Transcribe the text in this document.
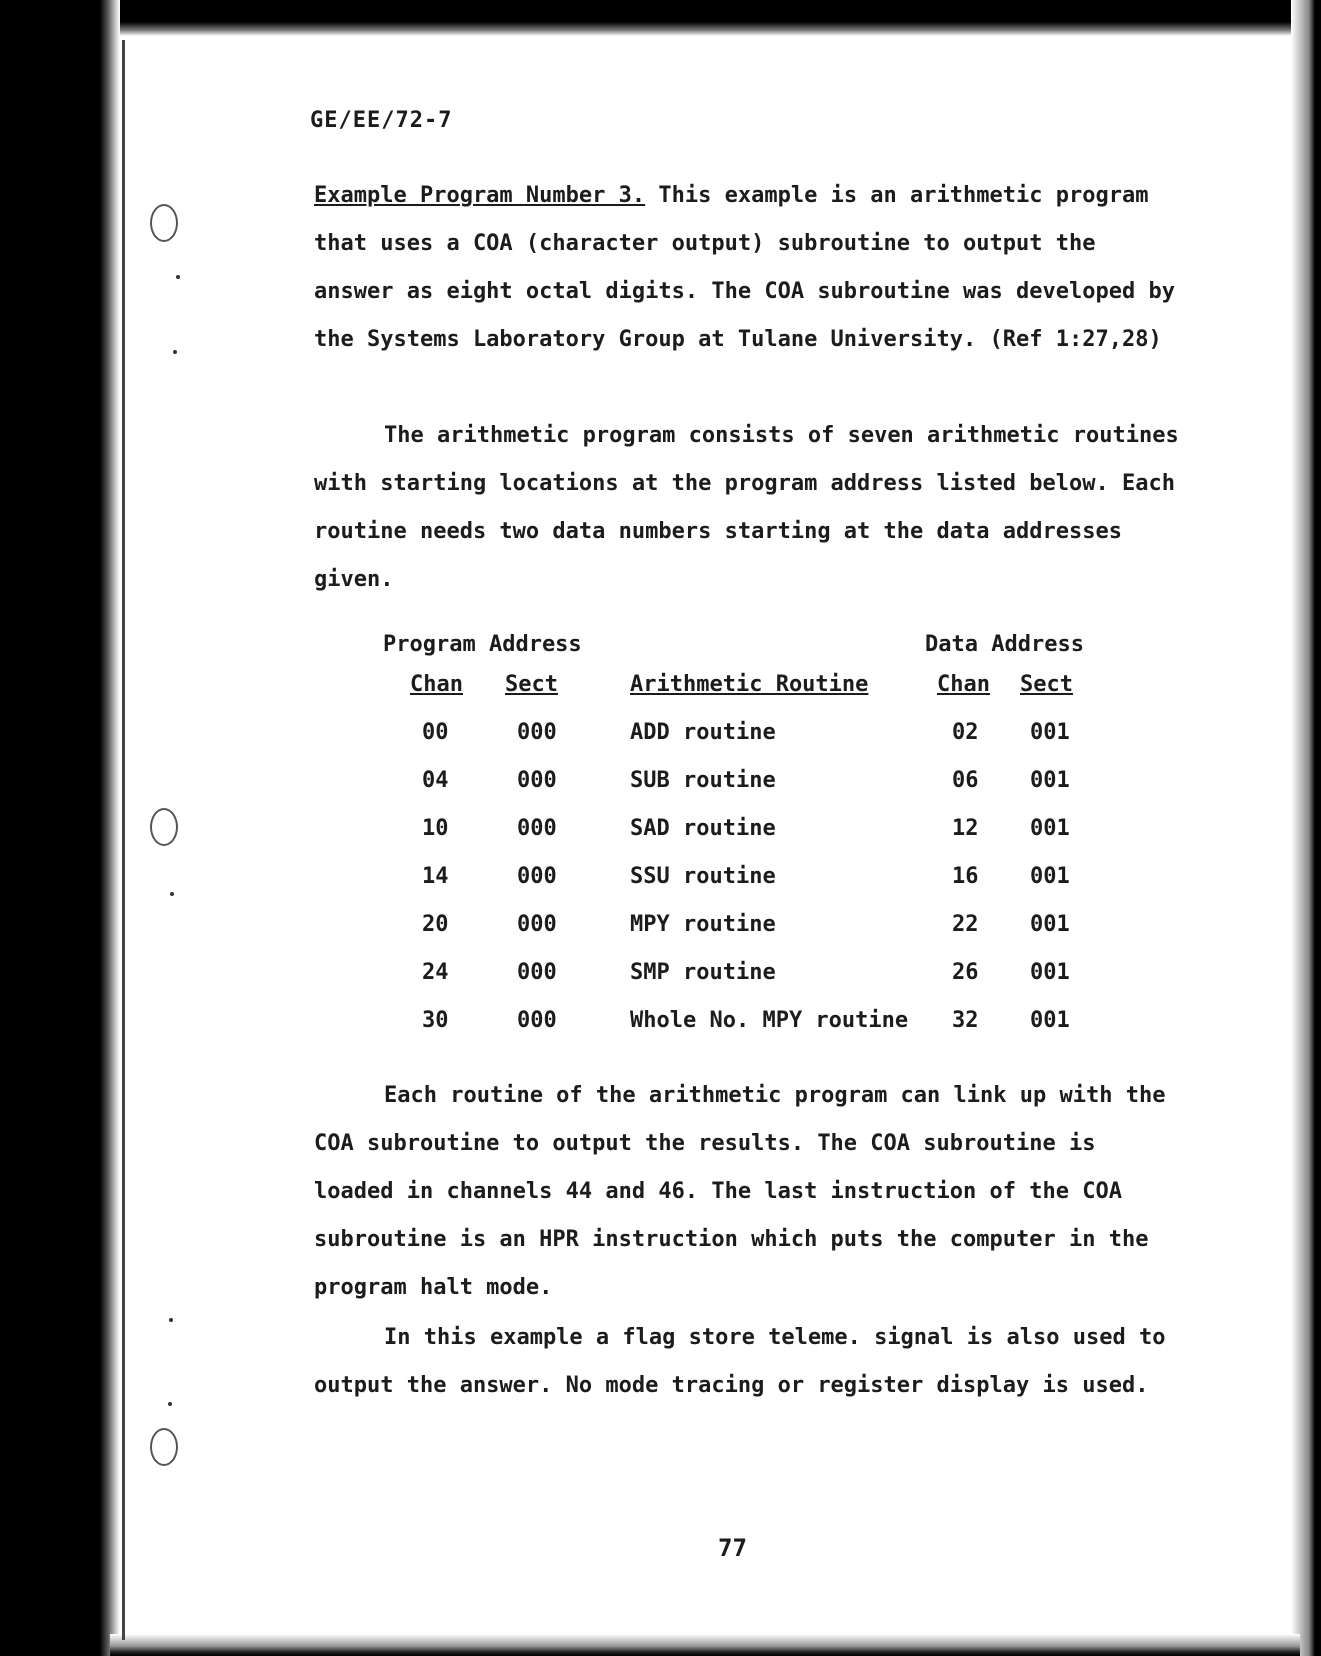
GE/EE/72-7

Example Program Number 3. This example is an arithmetic program that uses a COA (character output) subroutine to output the answer as eight octal digits. The COA subroutine was developed by the Systems Laboratory Group at Tulane University. (Ref 1:27,28)

The arithmetic program consists of seven arithmetic routines with starting locations at the program address listed below. Each routine needs two data numbers starting at the data addresses given.

Program Address	Data Address
Chan Sect	Arithmetic Routine	Chan Sect
00	000	ADD routine	02 001
04	000	SUB routine	06 001
10	000	SAD routine	12 001
14	000	SSU routine	16 001
20	000	MPY routine	22 001
24	000	SMP routine	26 001
30	000	Whole No. MPY routine 32 001

Each routine of the arithmetic program can link up with the COA subroutine to output the results. The COA subroutine is loaded in channels 44 and 46. The last instruction of the COA subroutine is an HPR instruction which puts the computer in the program halt mode.

In this example a flag store teleme. signal is also used to output the answer. No mode tracing or register display is used.

77
